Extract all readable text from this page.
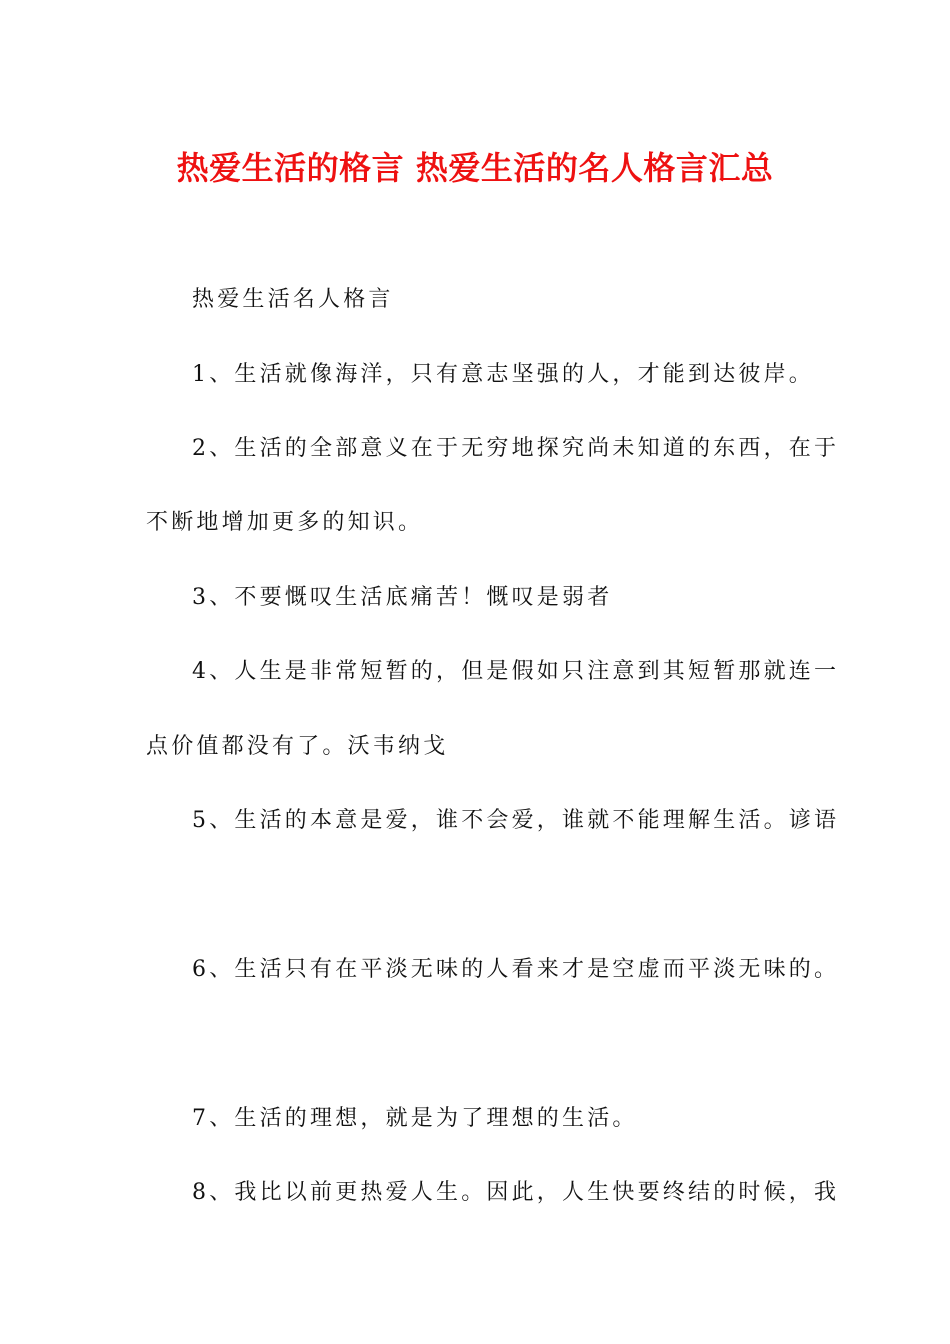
热爱生活的格言 热爱生活的名人格言汇总
热爱生活名人格言
1、生活就像海洋，只有意志坚强的人，才能到达彼岸。
2、生活的全部意义在于无穷地探究尚未知道的东西，在于
不断地增加更多的知识。
3、不要慨叹生活底痛苦！慨叹是弱者
4、人生是非常短暂的，但是假如只注意到其短暂那就连一
点价值都没有了。沃韦纳戈
5、生活的本意是爱，谁不会爱，谁就不能理解生活。谚语
6、生活只有在平淡无味的人看来才是空虚而平淡无味的。
7、生活的理想，就是为了理想的生活。
8、我比以前更热爱人生。因此，人生快要终结的时候，我
